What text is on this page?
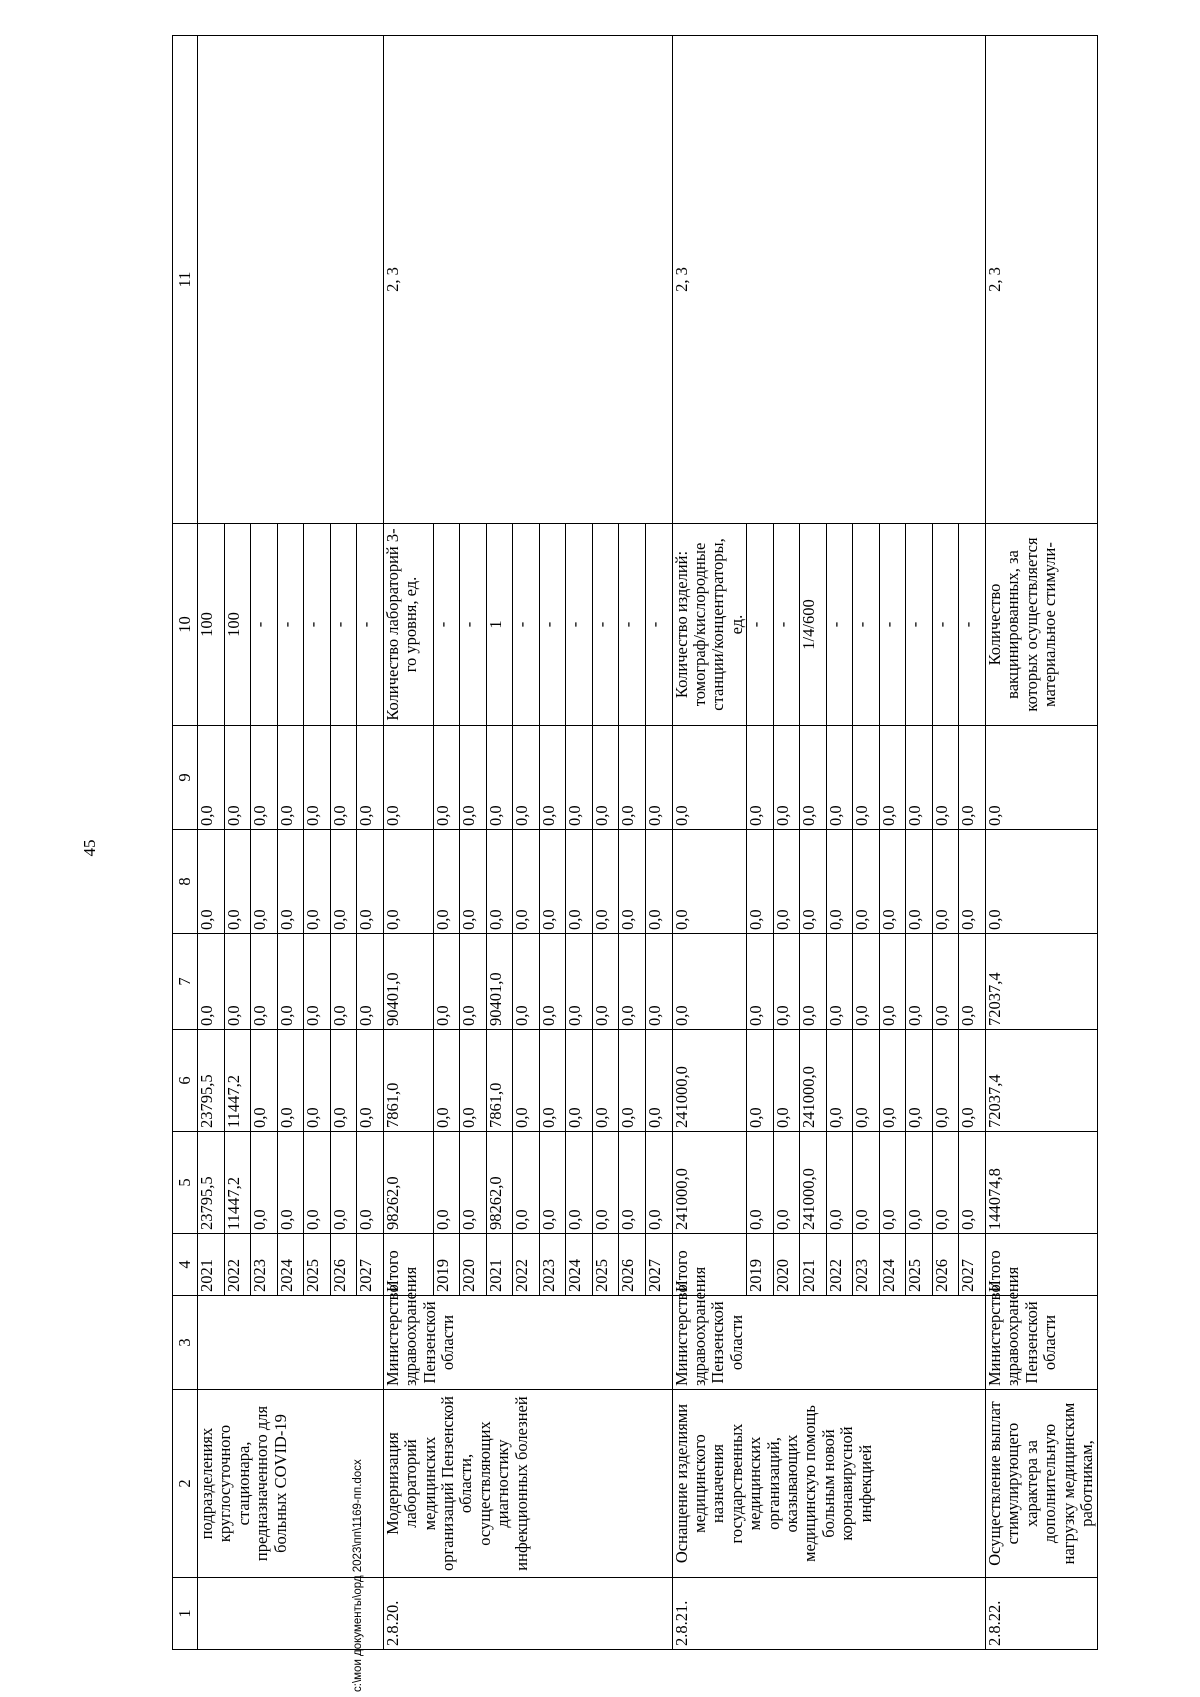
45
1	2	3	4	5	6	7	8	9	10	11
	подразделениях круглосуточного стационара, предназначенного для больных COVID-19		2021	23795,5	23795,5	0,0	0,0	0,0	100	
			2022	11447,2	11447,2	0,0	0,0	0,0	100	
			2023	0,0	0,0	0,0	0,0	0,0	-	
			2024	0,0	0,0	0,0	0,0	0,0	-	
			2025	0,0	0,0	0,0	0,0	0,0	-	
			2026	0,0	0,0	0,0	0,0	0,0	-	
			2027	0,0	0,0	0,0	0,0	0,0	-	
2.8.20.	Модернизация лабораторий медицинских организаций Пензенской области, осуществляющих диагностику инфекционных болезней	Министерство здравоохранения Пензенской области	Итого	98262,0	7861,0	90401,0	0,0	0,0	Количество лабораторий 3-го уровня, ед.	2, 3
			2019	0,0	0,0	0,0	0,0	0,0	-	
			2020	0,0	0,0	0,0	0,0	0,0	-	
			2021	98262,0	7861,0	90401,0	0,0	0,0	1	
			2022	0,0	0,0	0,0	0,0	0,0	-	
			2023	0,0	0,0	0,0	0,0	0,0	-	
			2024	0,0	0,0	0,0	0,0	0,0	-	
			2025	0,0	0,0	0,0	0,0	0,0	-	
			2026	0,0	0,0	0,0	0,0	0,0	-	
			2027	0,0	0,0	0,0	0,0	0,0	-	
2.8.21.	Оснащение изделиями медицинского назначения государственных медицинских организаций, оказывающих медицинскую помощь больным новой коронавирусной инфекцией	Министерство здравоохранения Пензенской области	Итого	241000,0	241000,0	0,0	0,0	0,0	Количество изделий: томограф/кислородные станции/концентраторы, ед.	2, 3
			2019	0,0	0,0	0,0	0,0	0,0	-	
			2020	0,0	0,0	0,0	0,0	0,0	-	
			2021	241000,0	241000,0	0,0	0,0	0,0	1/4/600	
			2022	0,0	0,0	0,0	0,0	0,0	-	
			2023	0,0	0,0	0,0	0,0	0,0	-	
			2024	0,0	0,0	0,0	0,0	0,0	-	
			2025	0,0	0,0	0,0	0,0	0,0	-	
			2026	0,0	0,0	0,0	0,0	0,0	-	
			2027	0,0	0,0	0,0	0,0	0,0	-	
2.8.22.	Осуществление выплат стимулирующего характера за дополнительную нагрузку медицинским работникам,	Министерство здравоохранения Пензенской области	Итого	144074,8	72037,4	72037,4	0,0	0,0	Количество вакцинированных, за которых осуществляется материальное стимули-	2, 3
c:\мои документы\орд 2023\пп\1169-пп.docx
